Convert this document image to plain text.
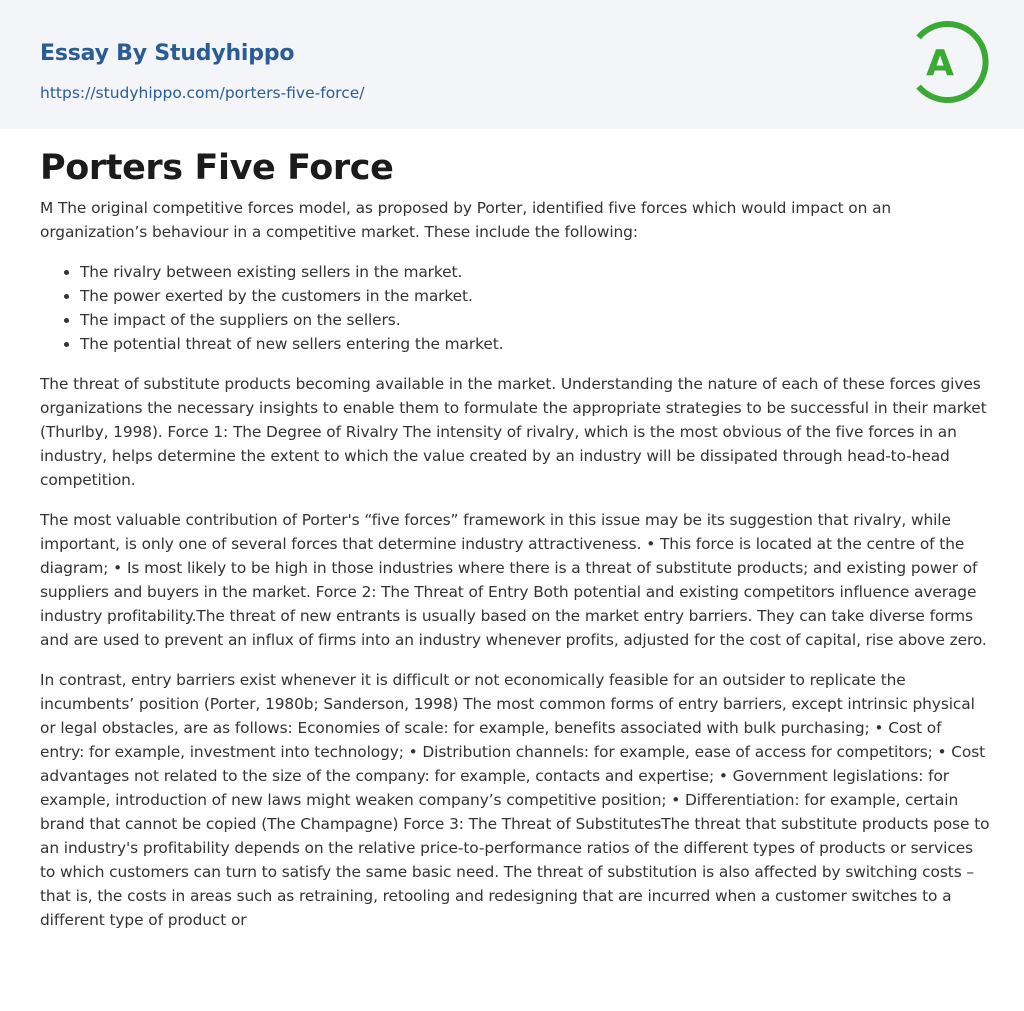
Essay By Studyhippo
https://studyhippo.com/porters-five-force/
A
Porters Five Force

M The original competitive forces model, as proposed by Porter, identified five forces which would impact on an organization’s behaviour in a competitive market. These include the following:

• The rivalry between existing sellers in the market.
• The power exerted by the customers in the market.
• The impact of the suppliers on the sellers.
• The potential threat of new sellers entering the market.

The threat of substitute products becoming available in the market. Understanding the nature of each of these forces gives organizations the necessary insights to enable them to formulate the appropriate strategies to be successful in their market (Thurlby, 1998). Force 1: The Degree of Rivalry The intensity of rivalry, which is the most obvious of the five forces in an industry, helps determine the extent to which the value created by an industry will be dissipated through head-to-head competition.

The most valuable contribution of Porter's “five forces” framework in this issue may be its suggestion that rivalry, while important, is only one of several forces that determine industry attractiveness. • This force is located at the centre of the diagram; • Is most likely to be high in those industries where there is a threat of substitute products; and existing power of suppliers and buyers in the market. Force 2: The Threat of Entry Both potential and existing competitors influence average industry profitability.The threat of new entrants is usually based on the market entry barriers. They can take diverse forms and are used to prevent an influx of firms into an industry whenever profits, adjusted for the cost of capital, rise above zero.

In contrast, entry barriers exist whenever it is difficult or not economically feasible for an outsider to replicate the incumbents’ position (Porter, 1980b; Sanderson, 1998) The most common forms of entry barriers, except intrinsic physical or legal obstacles, are as follows: Economies of scale: for example, benefits associated with bulk purchasing; • Cost of entry: for example, investment into technology; • Distribution channels: for example, ease of access for competitors; • Cost advantages not related to the size of the company: for example, contacts and expertise; • Government legislations: for example, introduction of new laws might weaken company’s competitive position; • Differentiation: for example, certain brand that cannot be copied (The Champagne) Force 3: The Threat of SubstitutesThe threat that substitute products pose to an industry's profitability depends on the relative price-to-performance ratios of the different types of products or services to which customers can turn to satisfy the same basic need. The threat of substitution is also affected by switching costs – that is, the costs in areas such as retraining, retooling and redesigning that are incurred when a customer switches to a different type of product or
